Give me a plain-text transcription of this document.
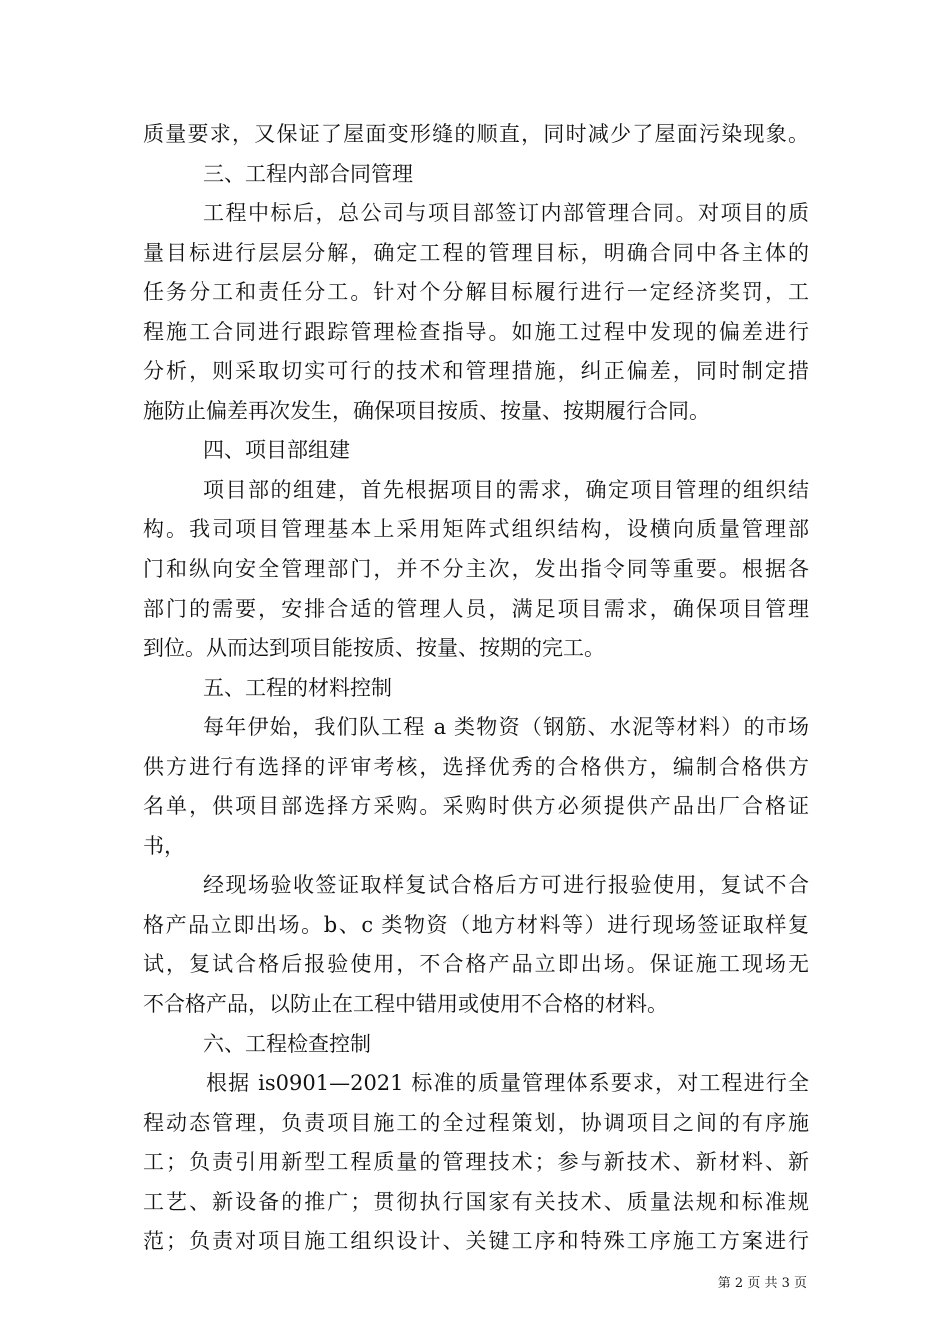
质量要求，又保证了屋面变形缝的顺直，同时减少了屋面污染现象。
三、工程内部合同管理
工程中标后，总公司与项目部签订内部管理合同。对项目的质
量目标进行层层分解，确定工程的管理目标，明确合同中各主体的
任务分工和责任分工。针对个分解目标履行进行一定经济奖罚，工
程施工合同进行跟踪管理检查指导。如施工过程中发现的偏差进行
分析，则采取切实可行的技术和管理措施，纠正偏差，同时制定措
施防止偏差再次发生，确保项目按质、按量、按期履行合同。
四、项目部组建
项目部的组建，首先根据项目的需求，确定项目管理的组织结
构。我司项目管理基本上采用矩阵式组织结构，设横向质量管理部
门和纵向安全管理部门，并不分主次，发出指令同等重要。根据各
部门的需要，安排合适的管理人员，满足项目需求，确保项目管理
到位。从而达到项目能按质、按量、按期的完工。
五、工程的材料控制
每年伊始，我们队工程 a 类物资（钢筋、水泥等材料）的市场
供方进行有选择的评审考核，选择优秀的合格供方，编制合格供方
名单，供项目部选择方采购。采购时供方必须提供产品出厂合格证
书，
经现场验收签证取样复试合格后方可进行报验使用，复试不合
格产品立即出场。b、c 类物资（地方材料等）进行现场签证取样复
试，复试合格后报验使用，不合格产品立即出场。保证施工现场无
不合格产品，以防止在工程中错用或使用不合格的材料。
六、工程检查控制
根据 is0901—2021 标准的质量管理体系要求，对工程进行全
程动态管理，负责项目施工的全过程策划，协调项目之间的有序施
工；负责引用新型工程质量的管理技术；参与新技术、新材料、新
工艺、新设备的推广；贯彻执行国家有关技术、质量法规和标准规
范；负责对项目施工组织设计、关键工序和特殊工序施工方案进行
第 2 页 共 3 页
